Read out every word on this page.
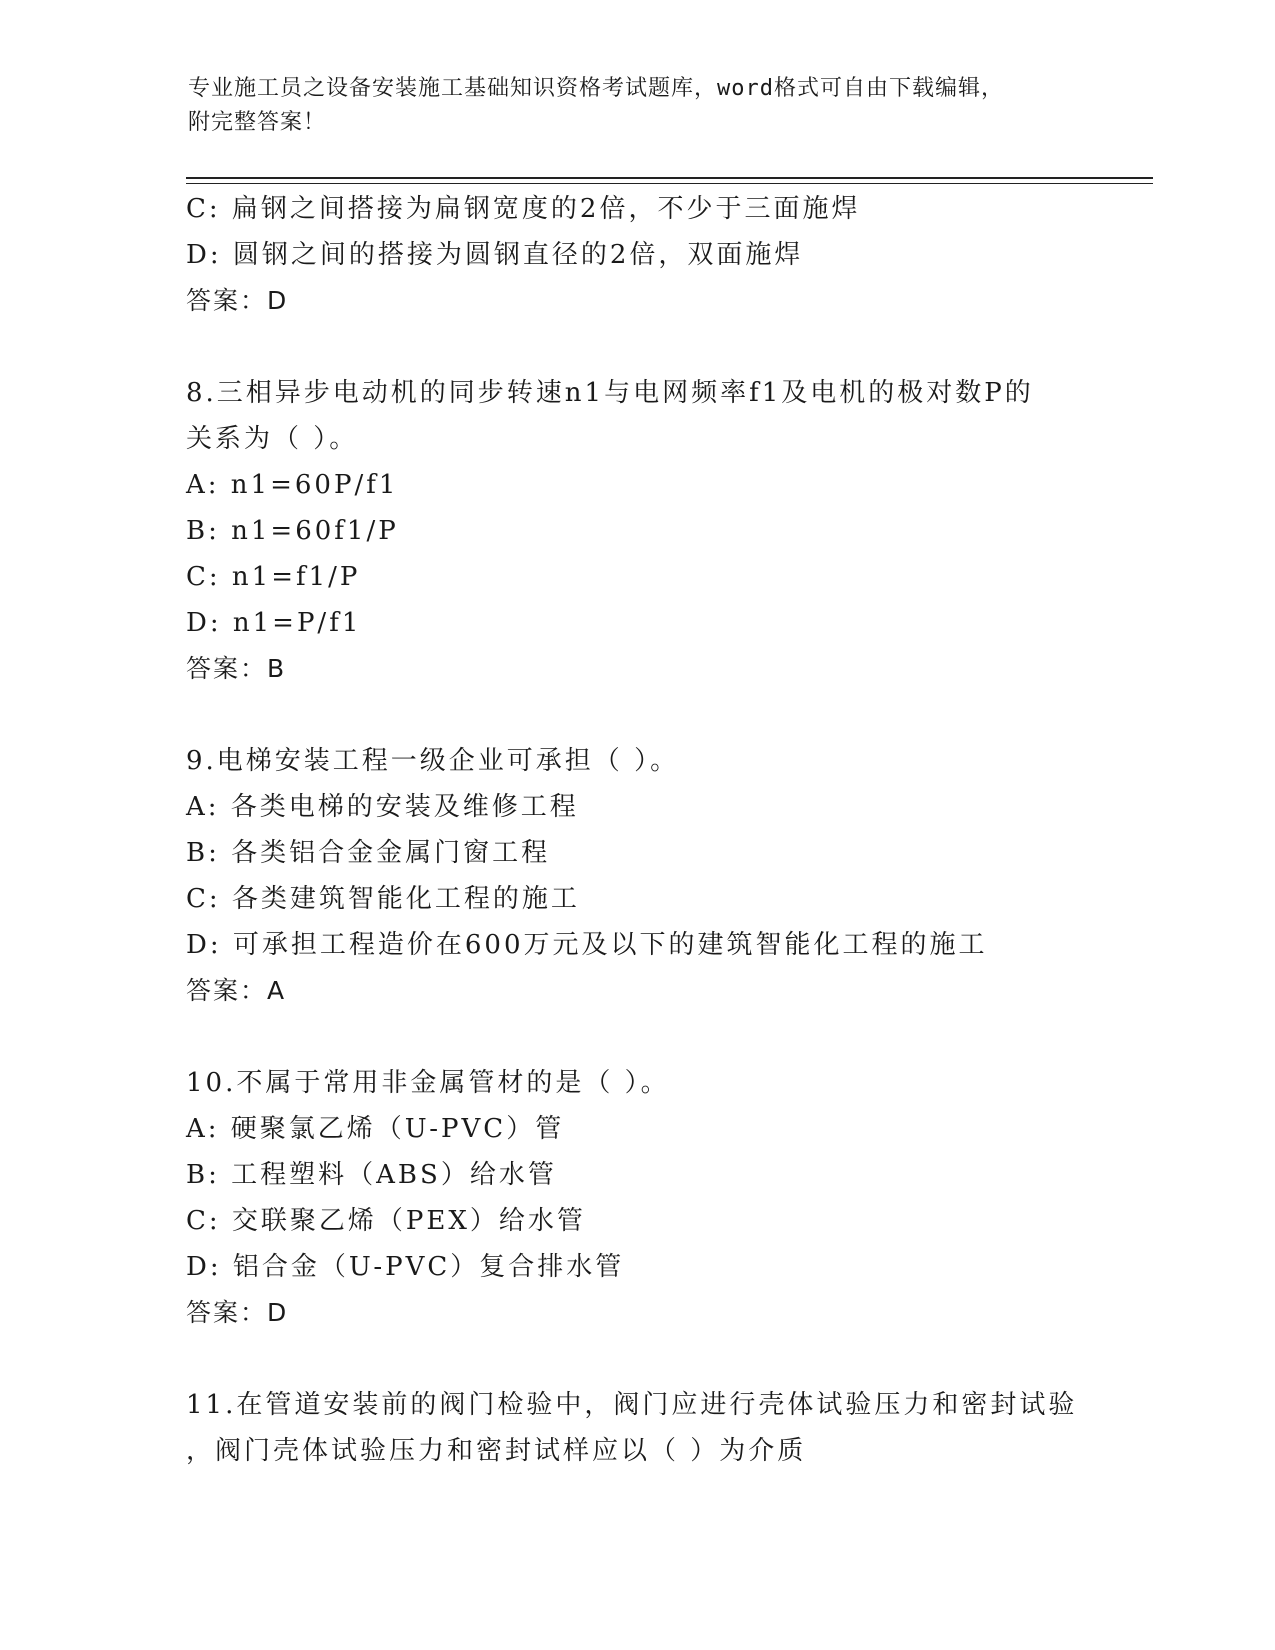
专业施工员之设备安装施工基础知识资格考试题库，word格式可自由下载编辑，
附完整答案！
C: 扁钢之间搭接为扁钢宽度的2倍，不少于三面施焊
D: 圆钢之间的搭接为圆钢直径的2倍，双面施焊
答案：D
8.三相异步电动机的同步转速n1与电网频率f1及电机的极对数P的
关系为（ ）。
A: n1=60P/f1
B: n1=60f1/P
C: n1=f1/P
D: n1=P/f1
答案：B
9.电梯安装工程一级企业可承担（ ）。
A: 各类电梯的安装及维修工程
B: 各类铝合金金属门窗工程
C: 各类建筑智能化工程的施工
D: 可承担工程造价在600万元及以下的建筑智能化工程的施工
答案：A
10.不属于常用非金属管材的是（ ）。
A: 硬聚氯乙烯（U-PVC）管
B: 工程塑料（ABS）给水管
C: 交联聚乙烯（PEX）给水管
D: 铝合金（U-PVC）复合排水管
答案：D
11.在管道安装前的阀门检验中，阀门应进行壳体试验压力和密封试验
，阀门壳体试验压力和密封试样应以（ ）为介质
